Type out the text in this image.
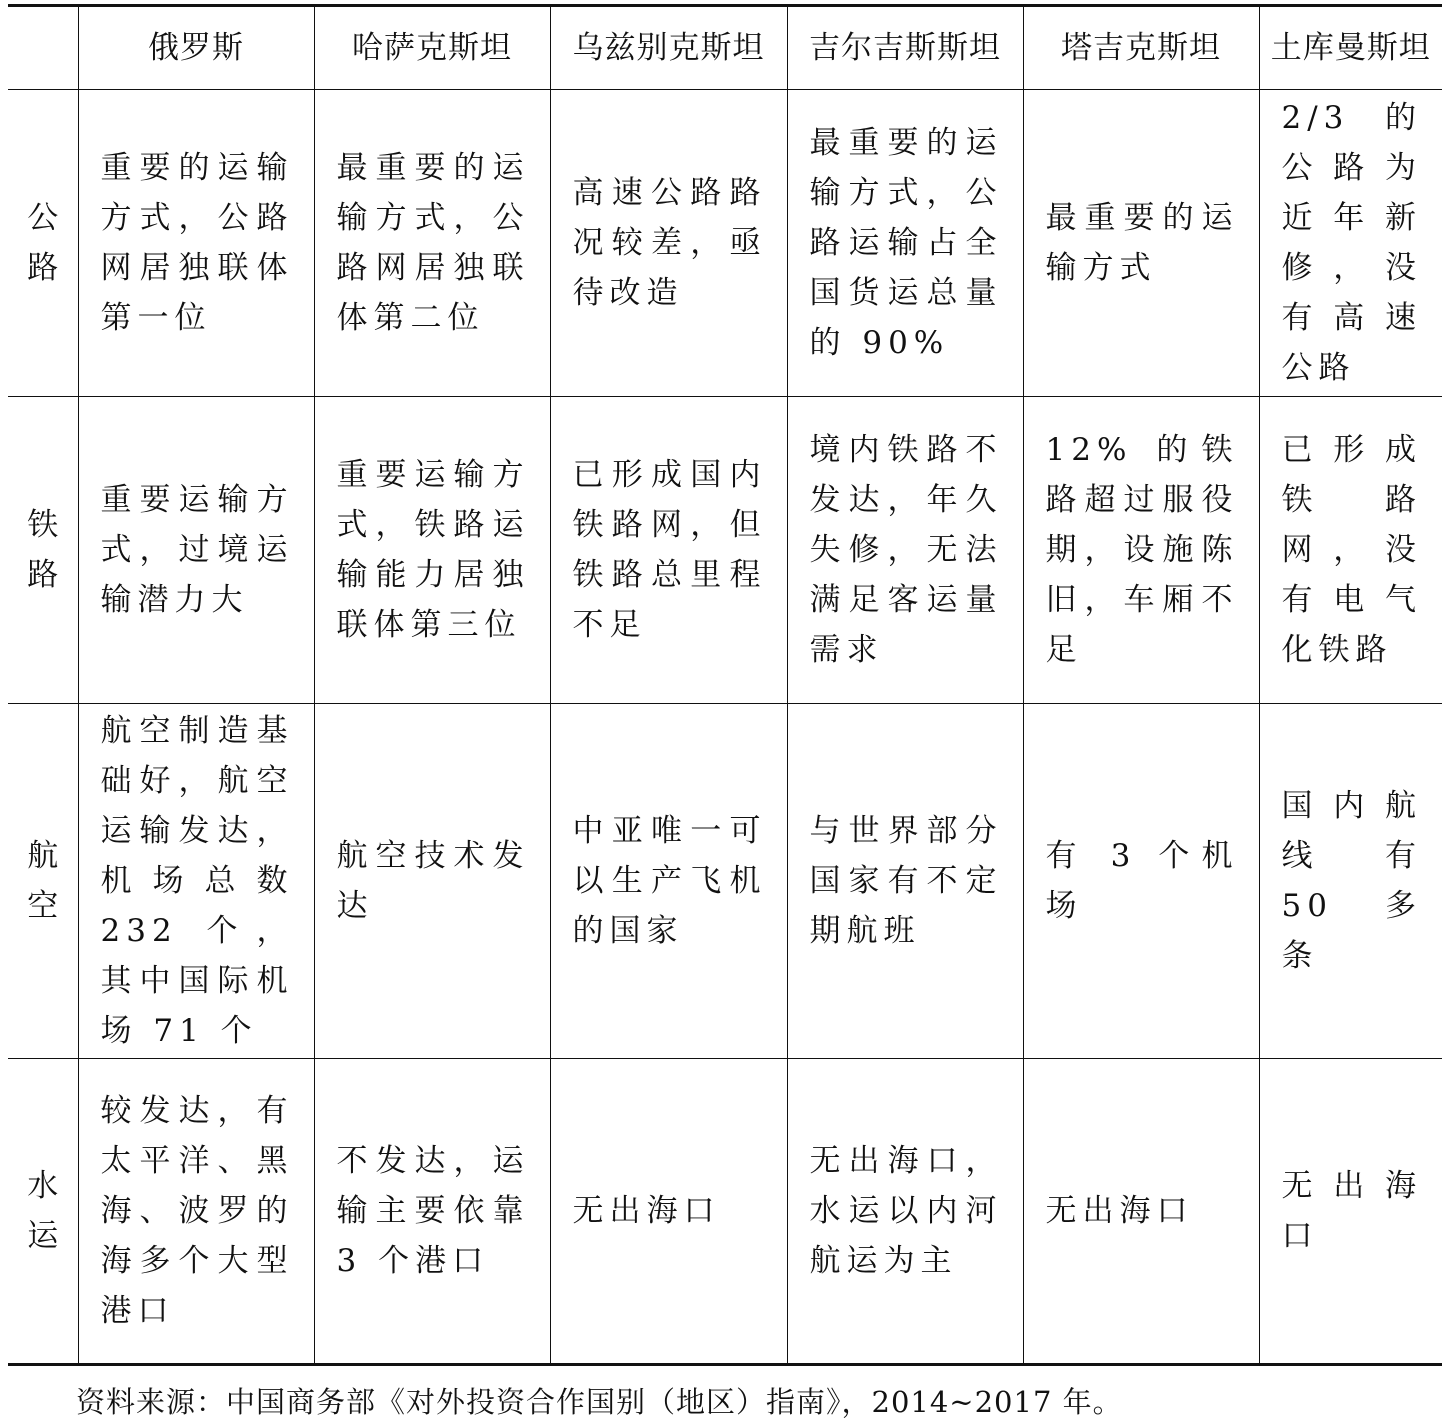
	俄罗斯	哈萨克斯坦	乌兹别克斯坦	吉尔吉斯斯坦	塔吉克斯坦	土库曼斯坦
公路	重要的运输方式，公路网居独联体第一位	最重要的运输方式，公路网居独联体第二位	高速公路路况较差，亟待改造	最重要的运输方式，公路运输占全国货运总量的 90%	最重要的运输方式	2/3 的公路为近年新修，没有高速公路
铁路	重要运输方式，过境运输潜力大	重要运输方式，铁路运输能力居独联体第三位	已形成国内铁路网，但铁路总里程不足	境内铁路不发达，年久失修，无法满足客运量需求	12% 的铁路超过服役期，设施陈旧，车厢不足	已形成铁路网，没有电气化铁路
航空	航空制造基础好，航空运输发达，机场总数 232 个，其中国际机场 71 个	航空技术发达	中亚唯一可以生产飞机的国家	与世界部分国家有不定期航班	有 3 个机场	国内航线有 50 多条
水运	较发达，有太平洋、黑海、波罗的海多个大型港口	不发达，运输主要依靠 3 个港口	无出海口	无出海口，水运以内河航运为主	无出海口	无出海口
资料来源：中国商务部《对外投资合作国别（地区）指南》，2014~2017 年。
